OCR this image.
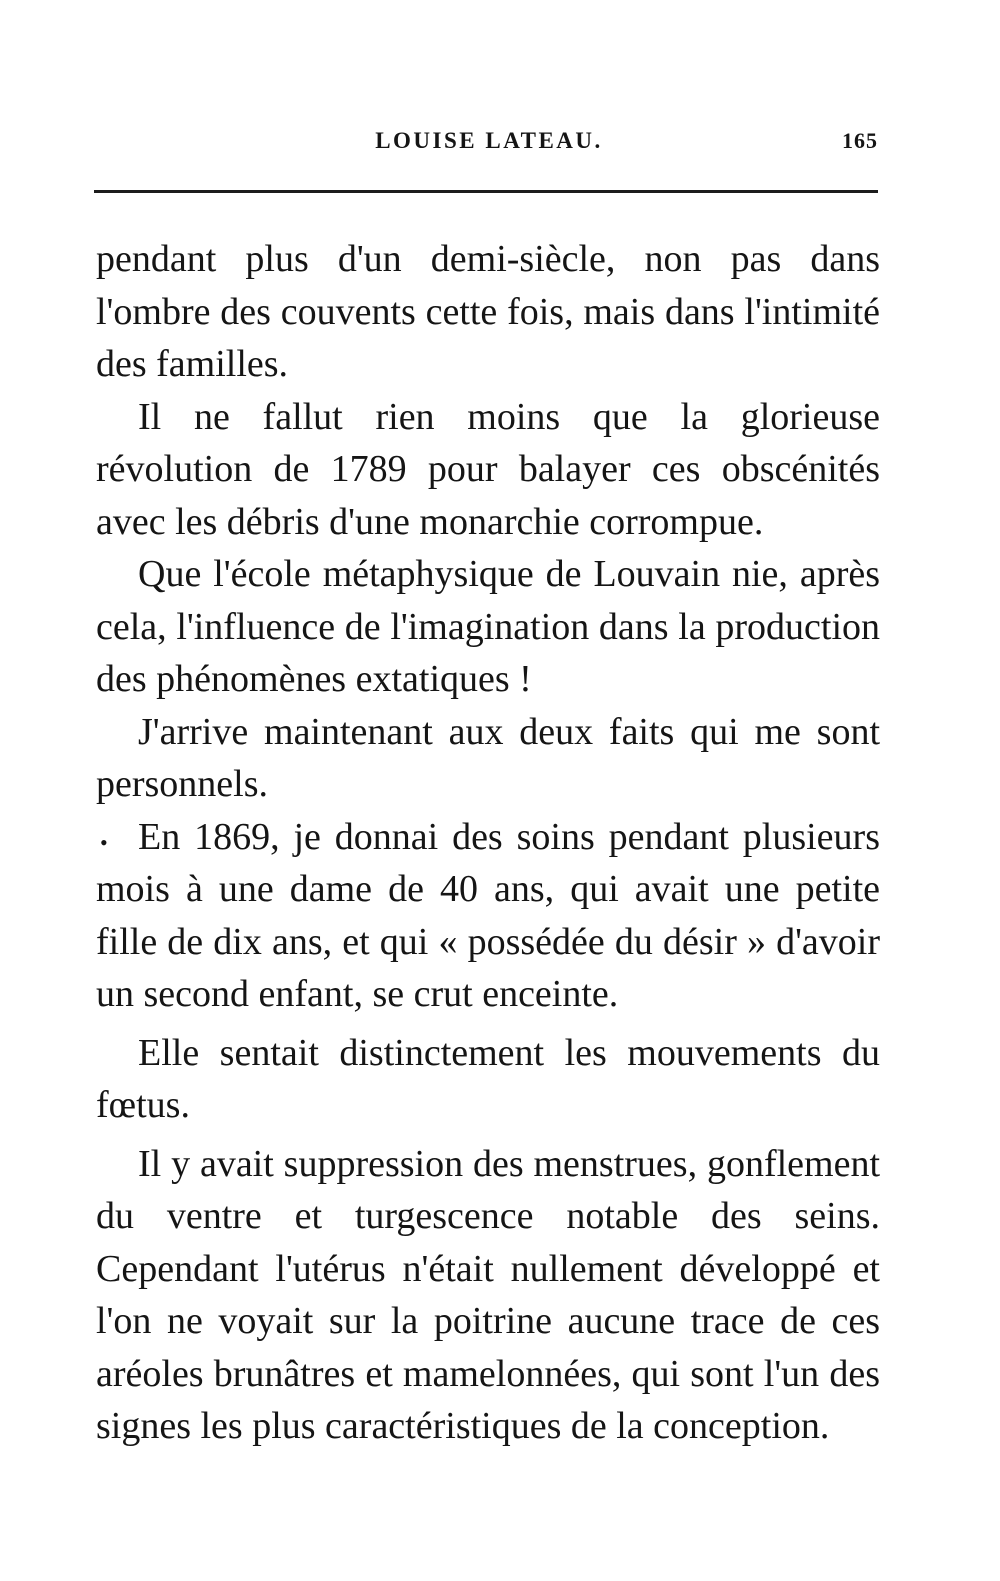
LOUISE LATEAU.	165

pendant plus d'un demi-siècle, non pas dans l'ombre des couvents cette fois, mais dans l'intimité des familles.

Il ne fallut rien moins que la glorieuse révolution de 1789 pour balayer ces obscénités avec les débris d'une monarchie corrompue.

Que l'école métaphysique de Louvain nie, après cela, l'influence de l'imagination dans la production des phénomènes extatiques !

J'arrive maintenant aux deux faits qui me sont personnels.

En 1869, je donnai des soins pendant plusieurs mois à une dame de 40 ans, qui avait une petite fille de dix ans, et qui « possédée du désir » d'avoir un second enfant, se crut enceinte.

Elle sentait distinctement les mouvements du fœtus.

Il y avait suppression des menstrues, gonflement du ventre et turgescence notable des seins. Cependant l'utérus n'était nullement développé et l'on ne voyait sur la poitrine aucune trace de ces aréoles brunâtres et mamelonnées, qui sont l'un des signes les plus caractéristiques de la conception.

•
